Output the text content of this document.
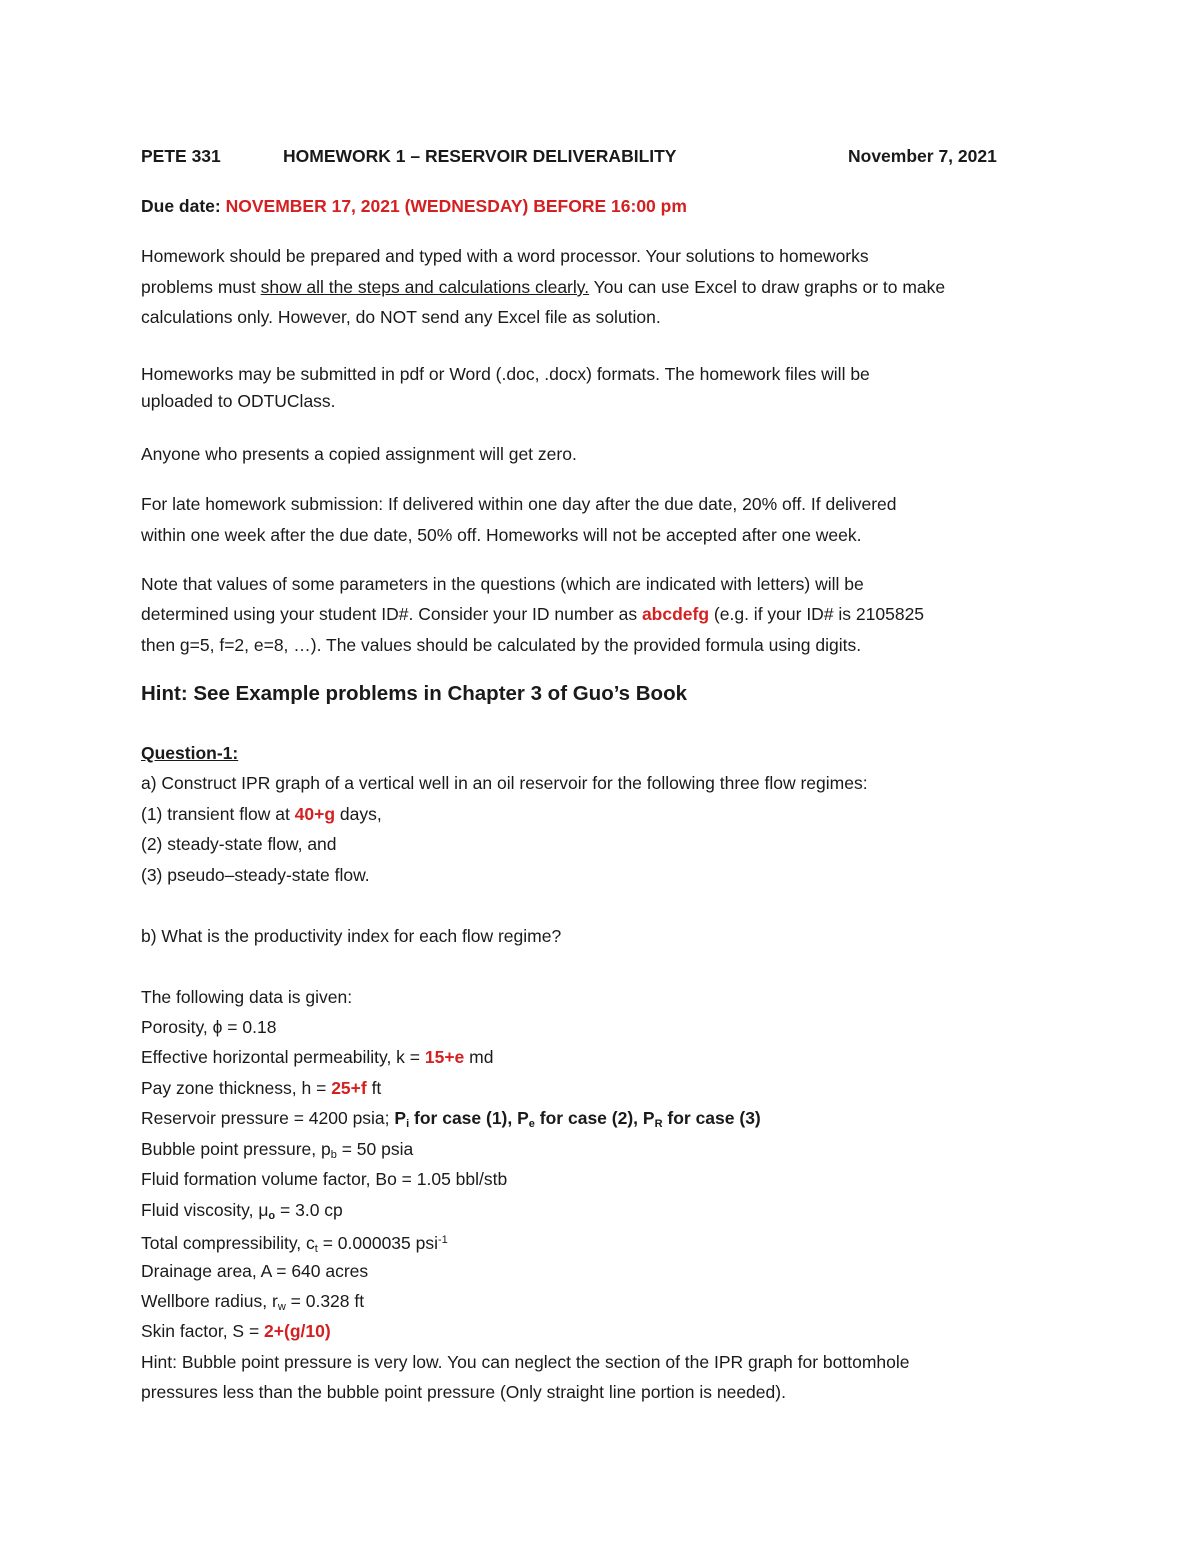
PETE 331	HOMEWORK 1 – RESERVOIR DELIVERABILITY	November 7, 2021
Due date: NOVEMBER 17, 2021 (WEDNESDAY) BEFORE 16:00 pm
Homework should be prepared and typed with a word processor. Your solutions to homeworks
problems must show all the steps and calculations clearly. You can use Excel to draw graphs or to make
calculations only. However, do NOT send any Excel file as solution.
Homeworks may be submitted in pdf or Word (.doc, .docx) formats. The homework files will be
uploaded to ODTUClass.
Anyone who presents a copied assignment will get zero.
For late homework submission: If delivered within one day after the due date, 20% off. If delivered
within one week after the due date, 50% off. Homeworks will not be accepted after one week.
Note that values of some parameters in the questions (which are indicated with letters) will be
determined using your student ID#. Consider your ID number as abcdefg (e.g. if your ID# is 2105825
then g=5, f=2, e=8, …). The values should be calculated by the provided formula using digits.
Hint: See Example problems in Chapter 3 of Guo’s Book
Question-1:
a) Construct IPR graph of a vertical well in an oil reservoir for the following three flow regimes:
(1) transient flow at 40+g days,
(2) steady-state flow, and
(3) pseudo–steady-state flow.
b) What is the productivity index for each flow regime?
The following data is given:
Porosity, ϕ = 0.18
Effective horizontal permeability, k = 15+e md
Pay zone thickness, h = 25+f ft
Reservoir pressure = 4200 psia; $P_i$ for case (1), $P_e$ for case (2), $P_R$ for case (3)
Bubble point pressure, $p_b = 50$ psia
Fluid formation volume factor, Bo = 1.05 bbl/stb
Fluid viscosity, $\mu_o = 3.0$ cp
Total compressibility, $c_t = 0.000035$ psi$^{-1}$
Drainage area, A = 640 acres
Wellbore radius, $r_w = 0.328$ ft
Skin factor, S = 2+(g/10)
Hint: Bubble point pressure is very low. You can neglect the section of the IPR graph for bottomhole
pressures less than the bubble point pressure (Only straight line portion is needed).
